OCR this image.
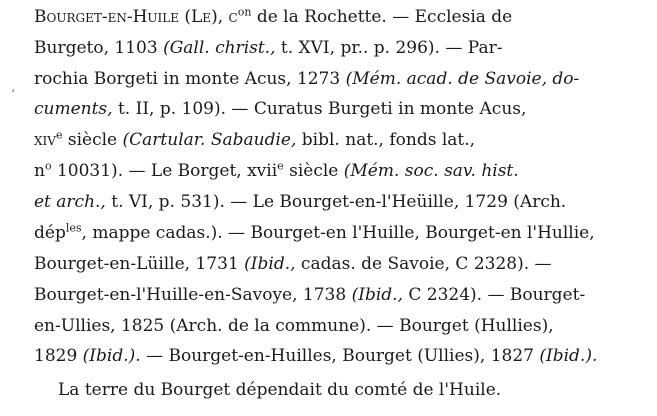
ʼ
Bourget-en-Huile (Le), $c^{on}$ de la Rochette. — Ecclesia de
Burgeto, 1103 (Gall. christ., t. XVI, pr.. p. 296). — Par-
rochia Borgeti in monte Acus, 1273 (Mém. acad. de Savoie, do-
cuments, t. II, p. 109). — Curatus Burgeti in monte Acus,
xiv$^e$ siècle (Cartular. Sabaudie, bibl. nat., fonds lat.,
$n^o$ 10031). — Le Borget, xvii$^e$ siècle (Mém. soc. sav. hist.
et arch., t. VI, p. 531). — Le Bourget-en-l'Heüille, 1729 (Arch.
dép$^{les}$, mappe cadas.). — Bourget-en l'Huille, Bourget-en l'Hullie,
Bourget-en-Lüille, 1731 (Ibid., cadas. de Savoie, C 2328). —
Bourget-en-l'Huille-en-Savoye, 1738 (Ibid., C 2324). — Bourget-
en-Ullies, 1825 (Arch. de la commune). — Bourget (Hullies),
1829 (Ibid.). — Bourget-en-Huilles, Bourget (Ullies), 1827 (Ibid.).
La terre du Bourget dépendait du comté de l'Huile.
